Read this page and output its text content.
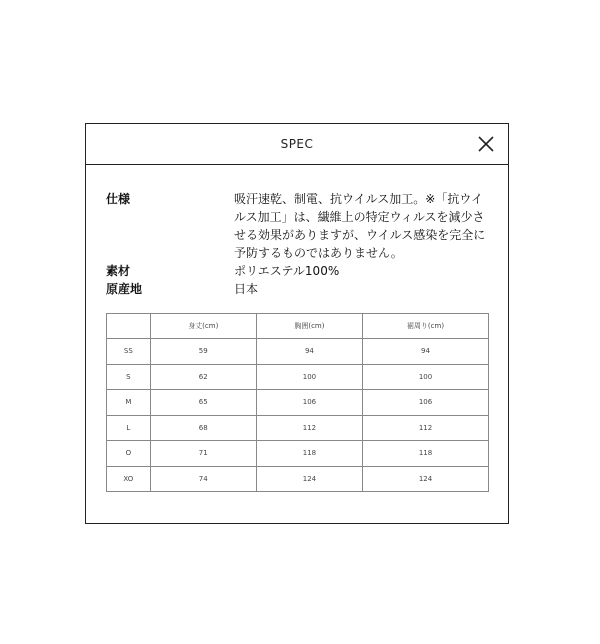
SPEC
仕様	吸汗速乾、制電、抗ウイルス加工。※「抗ウイルス加工」は、繊維上の特定ウィルスを減少させる効果がありますが、ウイルス感染を完全に予防するものではありません。
素材	ポリエステル100%
原産地	日本
	身丈(cm)	胸囲(cm)	裾周り(cm)
SS	59	94	94
S	62	100	100
M	65	106	106
L	68	112	112
O	71	118	118
XO	74	124	124
